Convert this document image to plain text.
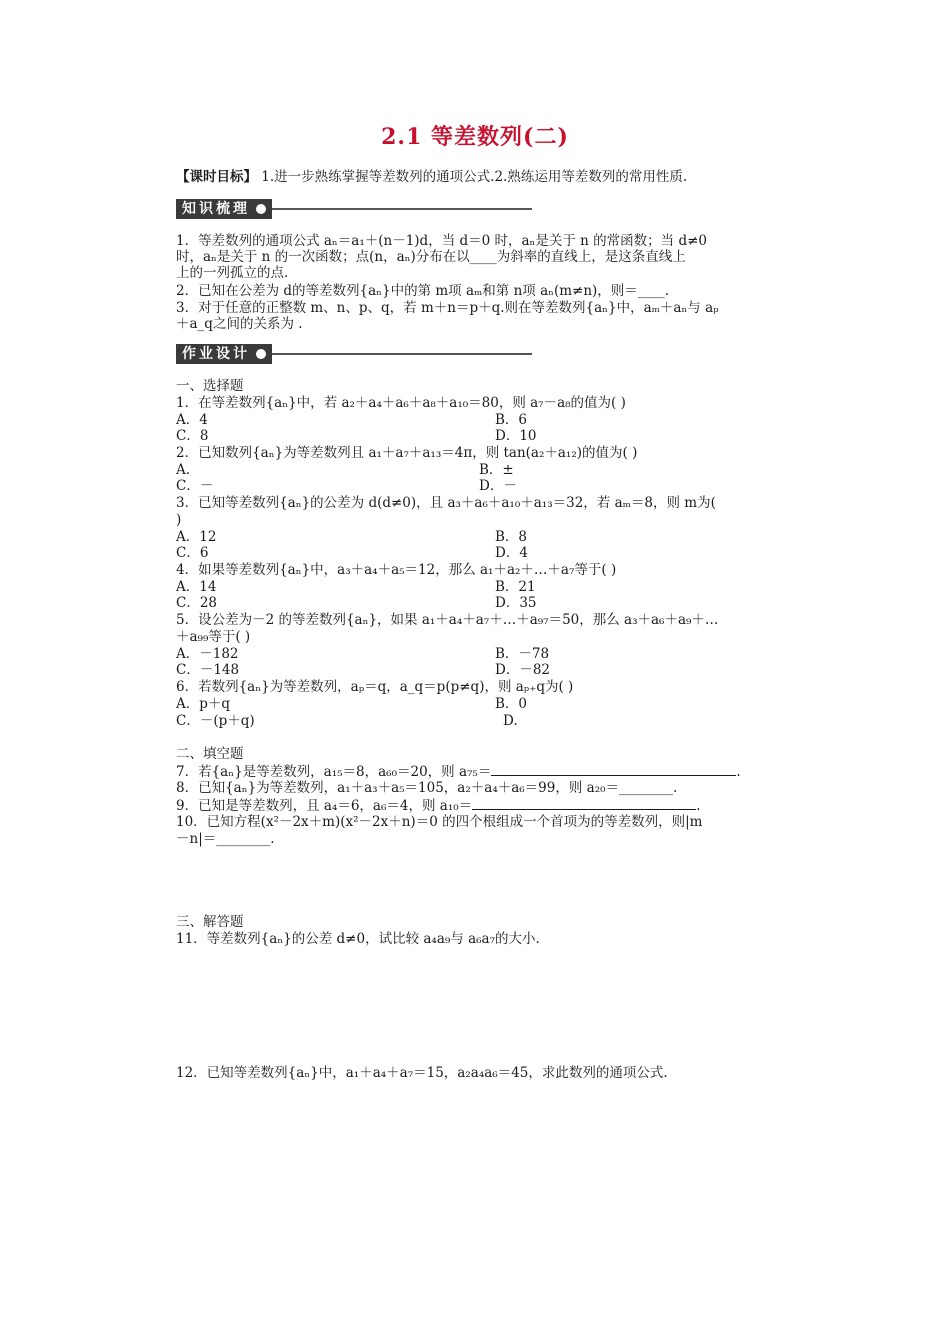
2.1 等差数列(二)
【课时目标】 1.进一步熟练掌握等差数列的通项公式.2.熟练运用等差数列的常用性质.
知识梳理
1．等差数列的通项公式 aₙ＝a₁＋(n－1)d，当 d＝0 时，aₙ是关于 n 的常函数；当 d≠0
时，aₙ是关于 n 的一次函数；点(n，aₙ)分布在以____为斜率的直线上，是这条直线上
上的一列孤立的点.
2．已知在公差为 d的等差数列{aₙ}中的第 m项 aₘ和第 n项 aₙ(m≠n)，则＝____.
3．对于任意的正整数 m、n、p、q，若 m＋n＝p＋q.则在等差数列{aₙ}中，aₘ＋aₙ与 aₚ
＋a_q之间的关系为 .
作业设计
一、选择题
1．在等差数列{aₙ}中，若 a₂＋a₄＋a₆＋a₈＋a₁₀＝80，则 a₇－a₈的值为( )
A．4	B．6
C．8	D．10
2．已知数列{aₙ}为等差数列且 a₁＋a₇＋a₁₃＝4π，则 tan(a₂＋a₁₂)的值为( )
A.	B．±
C．－	D．－
3．已知等差数列{aₙ}的公差为 d(d≠0)，且 a₃＋a₆＋a₁₀＋a₁₃＝32，若 aₘ＝8，则 m为(
)
A．12	B．8
C．6	D．4
4．如果等差数列{aₙ}中，a₃＋a₄＋a₅＝12，那么 a₁＋a₂＋…＋a₇等于( )
A．14	B．21
C．28	D．35
5．设公差为－2 的等差数列{aₙ}，如果 a₁＋a₄＋a₇＋…＋a₉₇＝50，那么 a₃＋a₆＋a₉＋…
＋a₉₉等于( )
A．－182	B．－78
C．－148	D．－82
6．若数列{aₙ}为等差数列，aₚ＝q，a_q＝p(p≠q)，则 aₚ₊q为( )
A．p＋q	B．0
C．－(p＋q)	D.
二、填空题
7．若{aₙ}是等差数列，a₁₅＝8，a₆₀＝20，则 a₇₅＝	.
8．已知{aₙ}为等差数列，a₁＋a₃＋a₅＝105，a₂＋a₄＋a₆＝99，则 a₂₀＝________.
9．已知是等差数列，且 a₄＝6，a₆＝4，则 a₁₀＝	.
10．已知方程(x²－2x＋m)(x²－2x＋n)＝0 的四个根组成一个首项为的等差数列，则|m
－n|＝________.
三、解答题
11．等差数列{aₙ}的公差 d≠0，试比较 a₄a₉与 a₆a₇的大小.
12．已知等差数列{aₙ}中，a₁＋a₄＋a₇＝15，a₂a₄a₆＝45，求此数列的通项公式.
